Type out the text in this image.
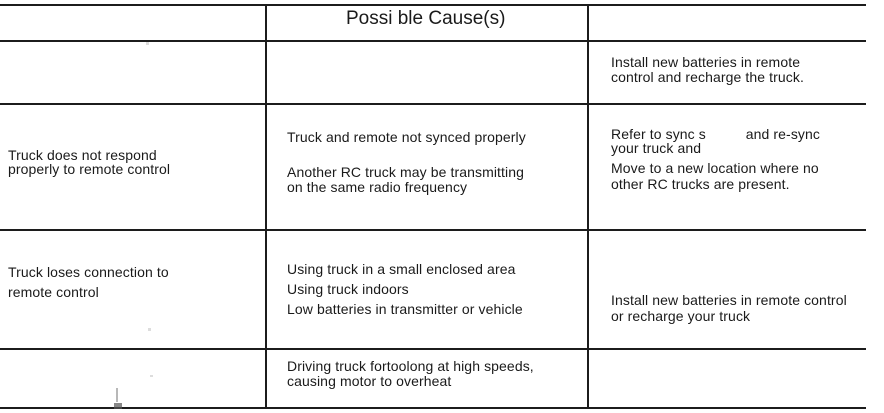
Possi ble Cause(s)
Install new batteries in remote
control and recharge the truck.
Truck does not respond
properly to remote control
Truck and remote not synced properly
Another RC truck may be transmitting
on the same radio frequency
Refer to sync s          and re-sync
your truck and
Move to a new location where no
other RC trucks are present.
Truck loses connection to
remote control
Using truck in a small enclosed area
Using truck indoors
Low batteries in transmitter or vehicle
Install new batteries in remote control
or recharge your truck
Driving truck fortoolong at high speeds,
causing motor to overheat
